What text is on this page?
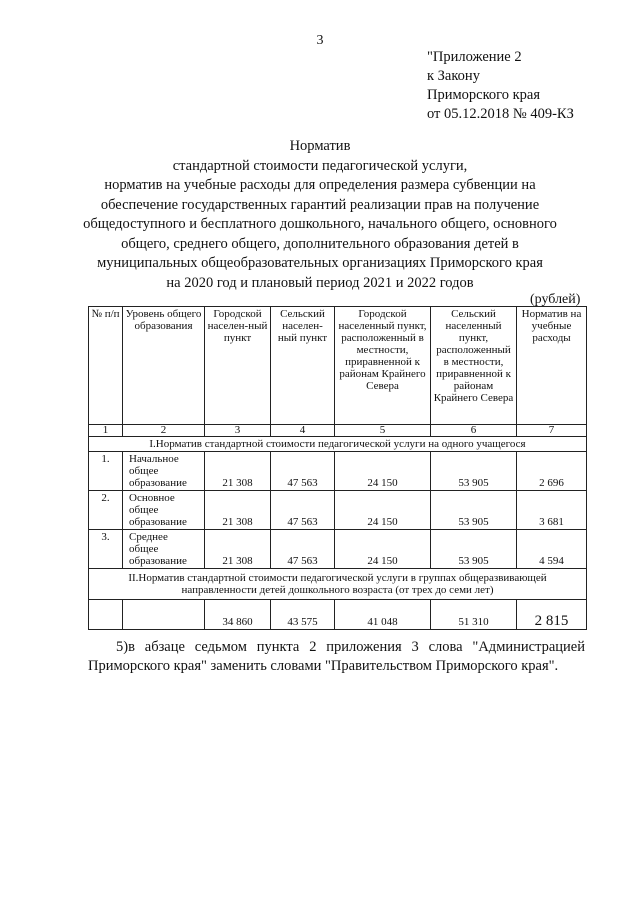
3
"Приложение 2
к Закону
Приморского края
от 05.12.2018 № 409-КЗ
Норматив
стандартной стоимости педагогической услуги,
норматив на учебные расходы для определения размера субвенции на
обеспечение государственных гарантий реализации прав на получение
общедоступного и бесплатного дошкольного, начального общего, основного
общего, среднего общего, дополнительного образования детей в
муниципальных общеобразовательных организациях Приморского края
на 2020 год и плановый период 2021 и 2022 годов
(рублей)
№ п/п	Уровень общего образования	Городской населен-ный пункт	Сельский населен-ный пункт	Городской населенный пункт, расположенный в местности, приравненной к районам Крайнего Севера	Сельский населенный пункт, расположенный в местности, приравненной к районам Крайнего Севера	Норматив на учебные расходы
1	2	3	4	5	6	7
I.Норматив стандартной стоимости педагогической услуги на одного учащегося						
1.	Начальное
общее
образование	21 308	47 563	24 150	53 905	2 696
2.	Основное
общее
образование	21 308	47 563	24 150	53 905	3 681
3.	Среднее
общее
образование	21 308	47 563	24 150	53 905	4 594

II.Норматив стандартной стоимости педагогической услуги в группах общеразвивающей
направленности детей дошкольного возраста (от трех до семи лет)						

		34 860	43 575	41 048	51 310	2 815
5)в абзаце седьмом пункта 2 приложения 3 слова "Администрацией Приморского края" заменить словами "Правительством Приморского края".
